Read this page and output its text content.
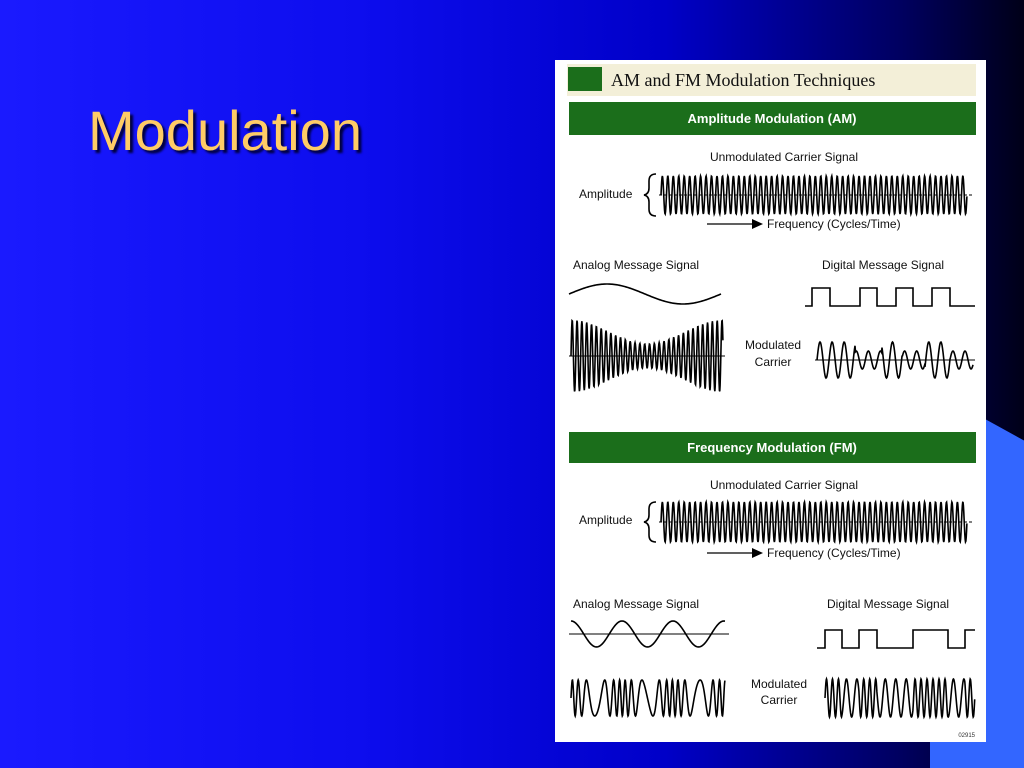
Modulation
AM and FM Modulation Techniques
Amplitude Modulation (AM)
Unmodulated Carrier Signal
Amplitude
Frequency (Cycles/Time)
Analog Message Signal	Digital Message Signal
Modulated
Carrier
Frequency Modulation (FM)
Unmodulated Carrier Signal
Amplitude
Frequency (Cycles/Time)
Analog Message Signal	Digital Message Signal
Modulated
Carrier
02915
